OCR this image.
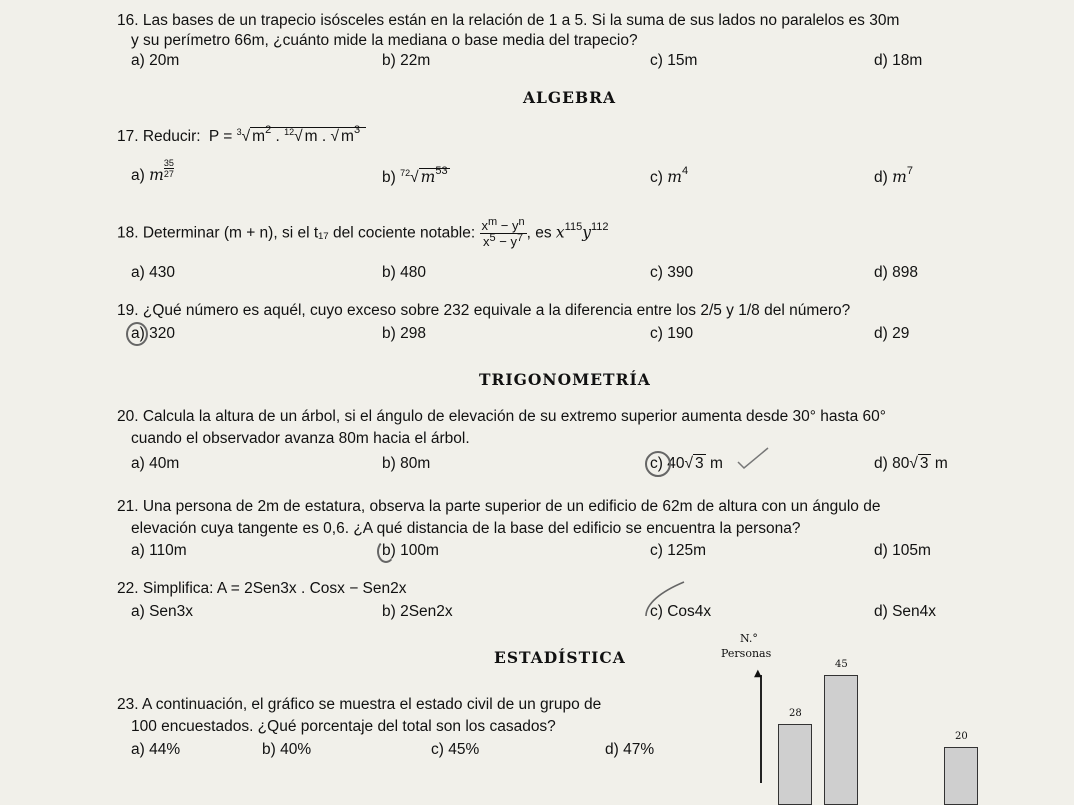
16. Las bases de un trapecio isósceles están en la relación de 1 a 5. Si la suma de sus lados no paralelos es 30m
y su perímetro 66m, ¿cuánto mide la mediana o base media del trapecio?
a) 20m	b) 22m	c) 15m	d) 18m
ALGEBRA
17. Reducir: P = $^3$√ $m^2$ . $^{12}$√ m . √ $m^3$
a) m $\frac{35}{27}$	b) $^{72}$√ $m^{53}$	c) $m^4$	d) $m^7$
18. Determinar (m + n), si el t₁₇ del cociente notable: $\frac{x^m - y^n}{x^5 - y^7}$ , es $x^{115}y^{112}$
a) 430	b) 480	c) 390	d) 898
19. ¿Qué número es aquél, cuyo exceso sobre 232 equivale a la diferencia entre los 2/5 y 1/8 del número?
a) 320	b) 298	c) 190	d) 29
TRIGONOMETRÍA
20. Calcula la altura de un árbol, si el ángulo de elevación de su extremo superior aumenta desde 30° hasta 60°
cuando el observador avanza 80m hacia el árbol.
a) 40m	b) 80m	c) 40√ 3 m	d) 80√ 3 m
21. Una persona de 2m de estatura, observa la parte superior de un edificio de 62m de altura con un ángulo de
elevación cuya tangente es 0,6. ¿A qué distancia de la base del edificio se encuentra la persona?
a) 110m	b) 100m	c) 125m	d) 105m
22. Simplifica: A = 2Sen3x . Cosx − Sen2x
a) Sen3x	b) 2Sen2x	c) Cos4x	d) Sen4x
ESTADÍSTICA
23. A continuación, el gráfico se muestra el estado civil de un grupo de
100 encuestados. ¿Qué porcentaje del total son los casados?
a) 44%	b) 40%	c) 45%	d) 47%
N.°
Personas
▲
28
45
20
